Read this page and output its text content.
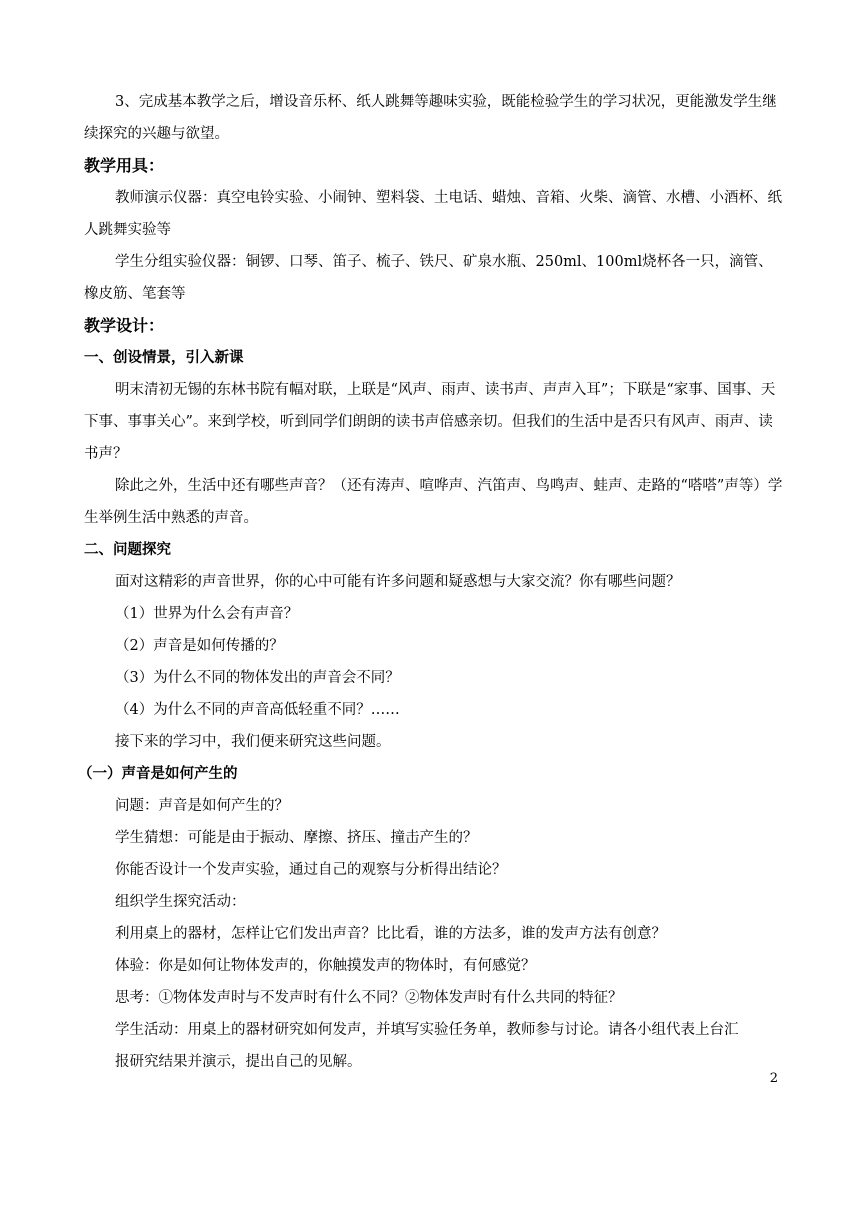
3、完成基本教学之后，增设音乐杯、纸人跳舞等趣味实验，既能检验学生的学习状况，更能激发学生继续探究的兴趣与欲望。

教学用具：

教师演示仪器：真空电铃实验、小闹钟、塑料袋、土电话、蜡烛、音箱、火柴、滴管、水槽、小酒杯、纸人跳舞实验等

学生分组实验仪器：铜锣、口琴、笛子、梳子、铁尺、矿泉水瓶、250ml、100ml烧杯各一只，滴管、橡皮筋、笔套等

教学设计：

一、创设情景，引入新课

明末清初无锡的东林书院有幅对联，上联是“风声、雨声、读书声、声声入耳”；下联是“家事、国事、天下事、事事关心”。来到学校，听到同学们朗朗的读书声倍感亲切。但我们的生活中是否只有风声、雨声、读书声？

除此之外，生活中还有哪些声音？（还有涛声、喧哗声、汽笛声、鸟鸣声、蛙声、走路的“嗒嗒”声等）学生举例生活中熟悉的声音。

二、问题探究

面对这精彩的声音世界，你的心中可能有许多问题和疑惑想与大家交流？你有哪些问题？

（1）世界为什么会有声音？

（2）声音是如何传播的？

（3）为什么不同的物体发出的声音会不同？

（4）为什么不同的声音高低轻重不同？……

接下来的学习中，我们便来研究这些问题。

（一）声音是如何产生的

问题：声音是如何产生的？

学生猜想：可能是由于振动、摩擦、挤压、撞击产生的？

你能否设计一个发声实验，通过自己的观察与分析得出结论？

组织学生探究活动：

利用桌上的器材，怎样让它们发出声音？比比看，谁的方法多，谁的发声方法有创意？

体验：你是如何让物体发声的，你触摸发声的物体时，有何感觉？

思考：①物体发声时与不发声时有什么不同？②物体发声时有什么共同的特征？

学生活动：用桌上的器材研究如何发声，并填写实验任务单，教师参与讨论。请各小组代表上台汇

报研究结果并演示，提出自己的见解。

2
